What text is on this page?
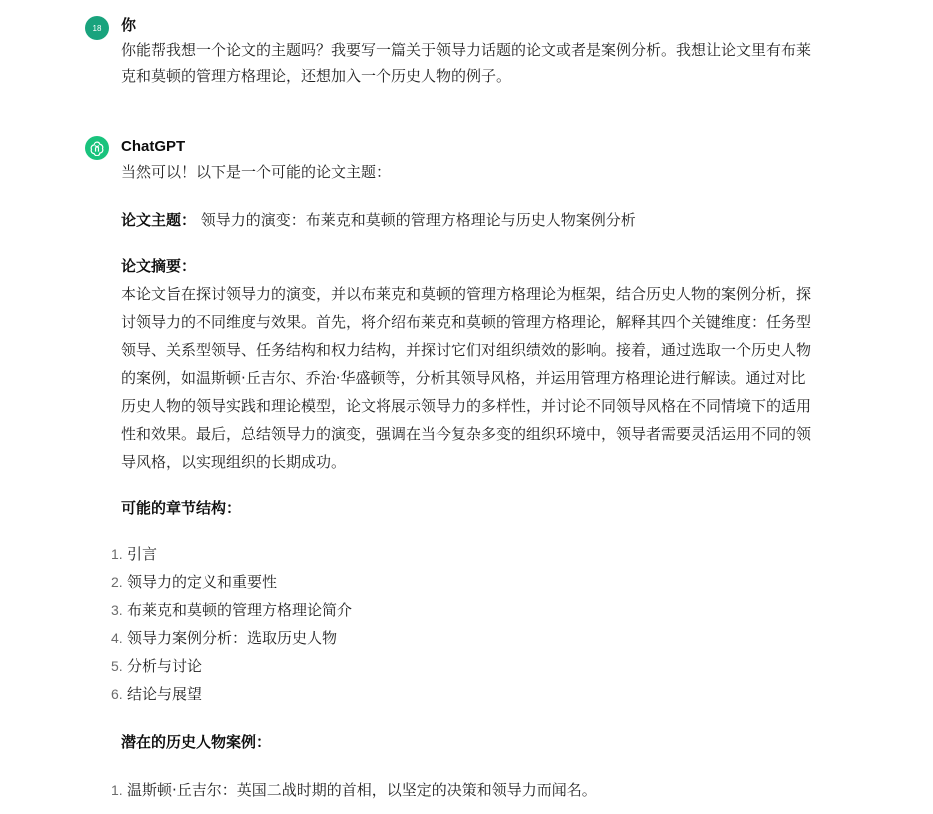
18	你
你能帮我想一个论文的主题吗？我要写一篇关于领导力话题的论文或者是案例分析。我想让论文里有布莱克和莫顿的管理方格理论，还想加入一个历史人物的例子。
ChatGPT

当然可以！以下是一个可能的论文主题：

论文主题： 领导力的演变：布莱克和莫顿的管理方格理论与历史人物案例分析

论文摘要：

本论文旨在探讨领导力的演变，并以布莱克和莫顿的管理方格理论为框架，结合历史人物的案例分析，探讨领导力的不同维度与效果。首先，将介绍布莱克和莫顿的管理方格理论，解释其四个关键维度：任务型领导、关系型领导、任务结构和权力结构，并探讨它们对组织绩效的影响。接着，通过选取一个历史人物的案例，如温斯顿·丘吉尔、乔治·华盛顿等，分析其领导风格，并运用管理方格理论进行解读。通过对比历史人物的领导实践和理论模型，论文将展示领导力的多样性，并讨论不同领导风格在不同情境下的适用性和效果。最后，总结领导力的演变，强调在当今复杂多变的组织环境中，领导者需要灵活运用不同的领导风格，以实现组织的长期成功。

可能的章节结构：

1. 引言
2. 领导力的定义和重要性
3. 布莱克和莫顿的管理方格理论简介
4. 领导力案例分析：选取历史人物
5. 分析与讨论
6. 结论与展望

潜在的历史人物案例：

1. 温斯顿·丘吉尔：英国二战时期的首相，以坚定的决策和领导力而闻名。
